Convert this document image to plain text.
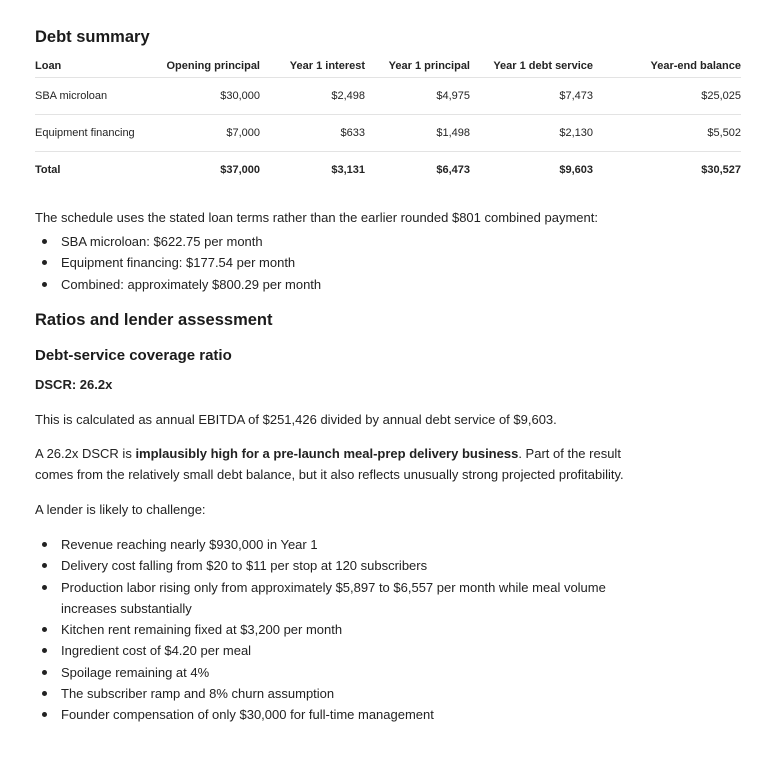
Debt summary
Loan	Opening principal	Year 1 interest	Year 1 principal	Year 1 debt service	Year-end balance
SBA microloan	$30,000	$2,498	$4,975	$7,473	$25,025
Equipment financing	$7,000	$633	$1,498	$2,130	$5,502
Total	$37,000	$3,131	$6,473	$9,603	$30,527

The schedule uses the stated loan terms rather than the earlier rounded $801 combined payment:

SBA microloan: $622.75 per month
Equipment financing: $177.54 per month
Combined: approximately $800.29 per month
Ratios and lender assessment
Debt-service coverage ratio

DSCR: 26.2x

This is calculated as annual EBITDA of $251,426 divided by annual debt service of $9,603.

A 26.2x DSCR is implausibly high for a pre-launch meal-prep delivery business. Part of the result comes from the relatively small debt balance, but it also reflects unusually strong projected profitability.

A lender is likely to challenge:

Revenue reaching nearly $930,000 in Year 1
Delivery cost falling from $20 to $11 per stop at 120 subscribers
Production labor rising only from approximately $5,897 to $6,557 per month while meal volume increases substantially
Kitchen rent remaining fixed at $3,200 per month
Ingredient cost of $4.20 per meal
Spoilage remaining at 4%
The subscriber ramp and 8% churn assumption
Founder compensation of only $30,000 for full-time management
